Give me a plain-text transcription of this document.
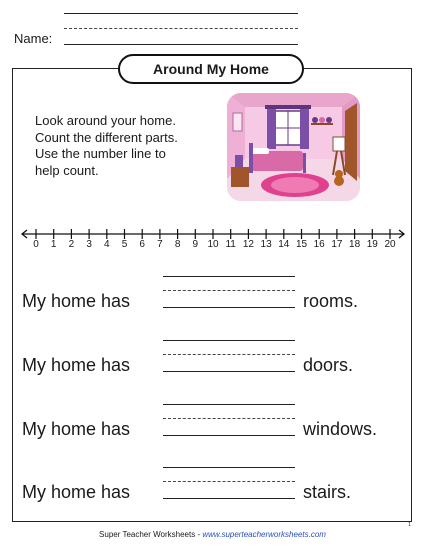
Name:
Around My Home
Look around your home.
Count the different parts.
Use the number line to
help count.
0 1 2 3 4 5 6 7 8 9 10 11 12 13 14 15 16 17 18 19 20
My home has	rooms.
My home has	doors.
My home has	windows.
My home has	stairs.
Super Teacher Worksheets - www.superteacherworksheets.com
1
